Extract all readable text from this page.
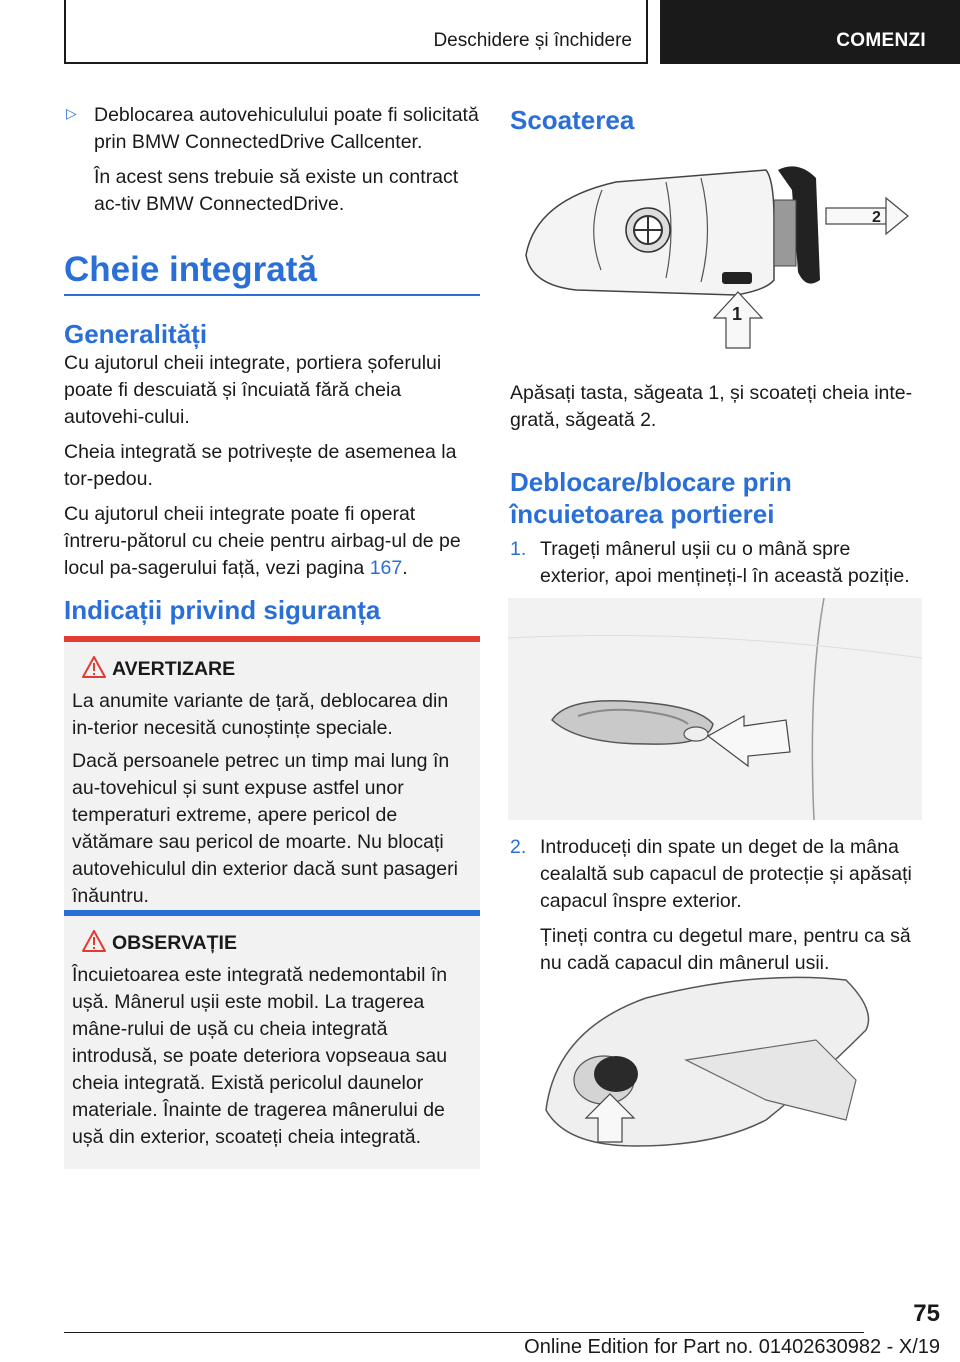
Deschidere și închidere	COMENZI
▷ Deblocarea autovehiculului poate fi solicitată prin BMW ConnectedDrive Callcenter.

În acest sens trebuie să existe un contract ac-tiv BMW ConnectedDrive.

Cheie integrată
Generalități

Cu ajutorul cheii integrate, portiera șoferului poate fi descuiată și încuiată fără cheia autovehi-cului.

Cheia integrată se potrivește de asemenea la tor-pedou.

Cu ajutorul cheii integrate poate fi operat întreru-pătorul cu cheie pentru airbag-ul de pe locul pa-sagerului față, vezi pagina 167.

Indicații privind siguranța
AVERTIZARE

La anumite variante de țară, deblocarea din in-terior necesită cunoștințe speciale.

Dacă persoanele petrec un timp mai lung în au-tovehicul și sunt expuse astfel unor temperaturi extreme, apere pericol de vătămare sau pericol de moarte. Nu blocați autovehiculul din exterior dacă sunt pasageri înăuntru.

OBSERVAȚIE

Încuietoarea este integrată nedemontabil în ușă. Mânerul ușii este mobil. La tragerea mâne-rului de ușă cu cheia integrată introdusă, se poate deteriora vopseaua sau cheia integrată. Există pericolul daunelor materiale. Înainte de tragerea mânerului de ușă din exterior, scoateți cheia integrată.

Scoaterea
2
1

Apăsați tasta, săgeata 1, și scoateți cheia inte-grată, săgeată 2.

Deblocare/blocare prin
încuietoarea portierei
1. Trageți mânerul ușii cu o mână spre exterior, apoi mențineți-l în această poziție.

2. Introduceți din spate un deget de la mâna cealaltă sub capacul de protecție și apăsați capacul înspre exterior.

Țineți contra cu degetul mare, pentru ca să nu cadă capacul din mânerul ușii.

75
Online Edition for Part no. 01402630982 - X/19
